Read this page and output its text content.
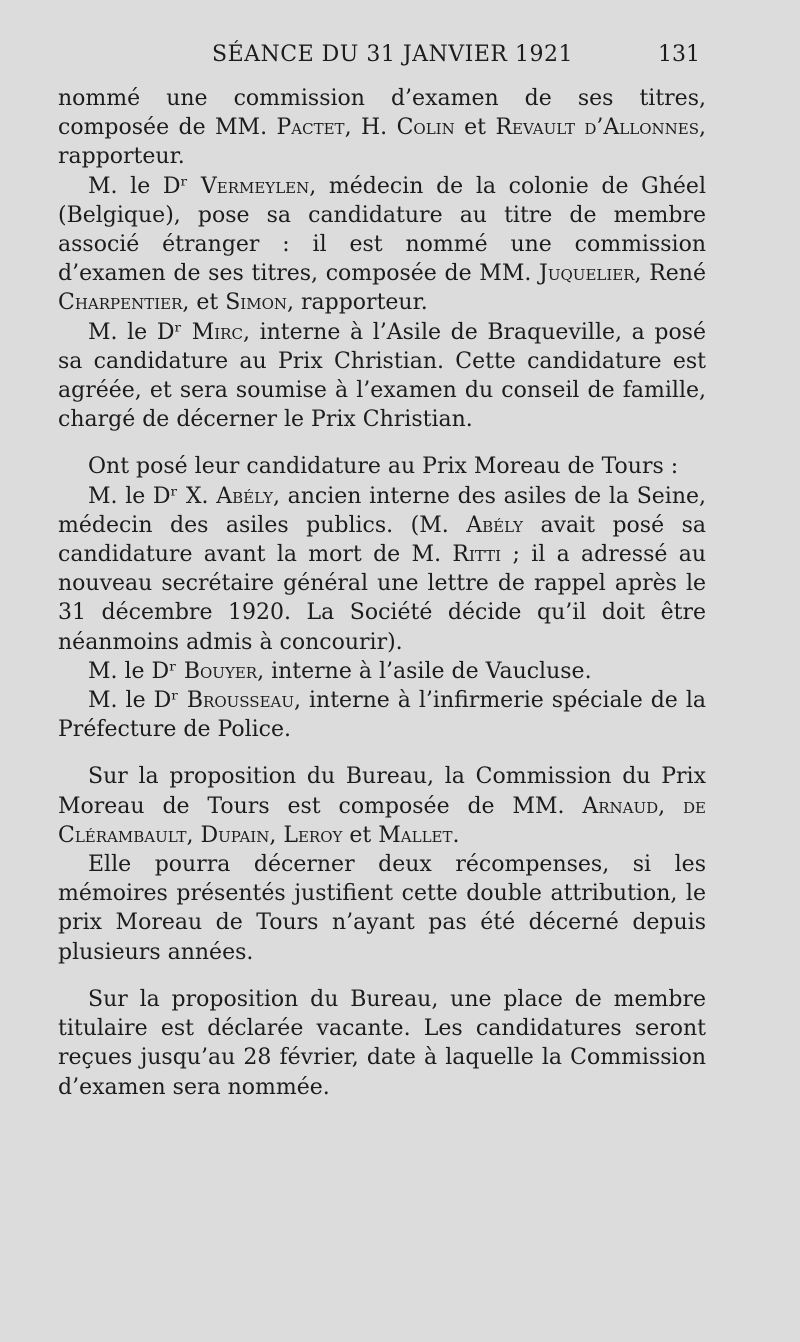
SÉANCE DU 31 JANVIER 1921	131

nommé une commission d’examen de ses titres, composée de MM. Pactet, H. Colin et Revault d’Allonnes, rapporteur.

M. le Dʳ Vermeylen, médecin de la colonie de Ghéel (Belgique), pose sa candidature au titre de membre associé étranger : il est nommé une commission d’examen de ses titres, composée de MM. Juquelier, René Charpentier, et Simon, rapporteur.

M. le Dʳ Mirc, interne à l’Asile de Braqueville, a posé sa candidature au Prix Christian. Cette candidature est agréée, et sera soumise à l’examen du conseil de famille, chargé de décerner le Prix Christian.

Ont posé leur candidature au Prix Moreau de Tours :

M. le Dʳ X. Abély, ancien interne des asiles de la Seine, médecin des asiles publics. (M. Abély avait posé sa candidature avant la mort de M. Ritti ; il a adressé au nouveau secrétaire général une lettre de rappel après le 31 décembre 1920. La Société décide qu’il doit être néanmoins admis à concourir).

M. le Dʳ Bouyer, interne à l’asile de Vaucluse.

M. le Dʳ Brousseau, interne à l’infirmerie spéciale de la Préfecture de Police.

Sur la proposition du Bureau, la Commission du Prix Moreau de Tours est composée de MM. Arnaud, de Clérambault, Dupain, Leroy et Mallet.

Elle pourra décerner deux récompenses, si les mémoires présentés justifient cette double attribution, le prix Moreau de Tours n’ayant pas été décerné depuis plusieurs années.

Sur la proposition du Bureau, une place de membre titulaire est déclarée vacante. Les candidatures seront reçues jusqu’au 28 février, date à laquelle la Commission d’examen sera nommée.
